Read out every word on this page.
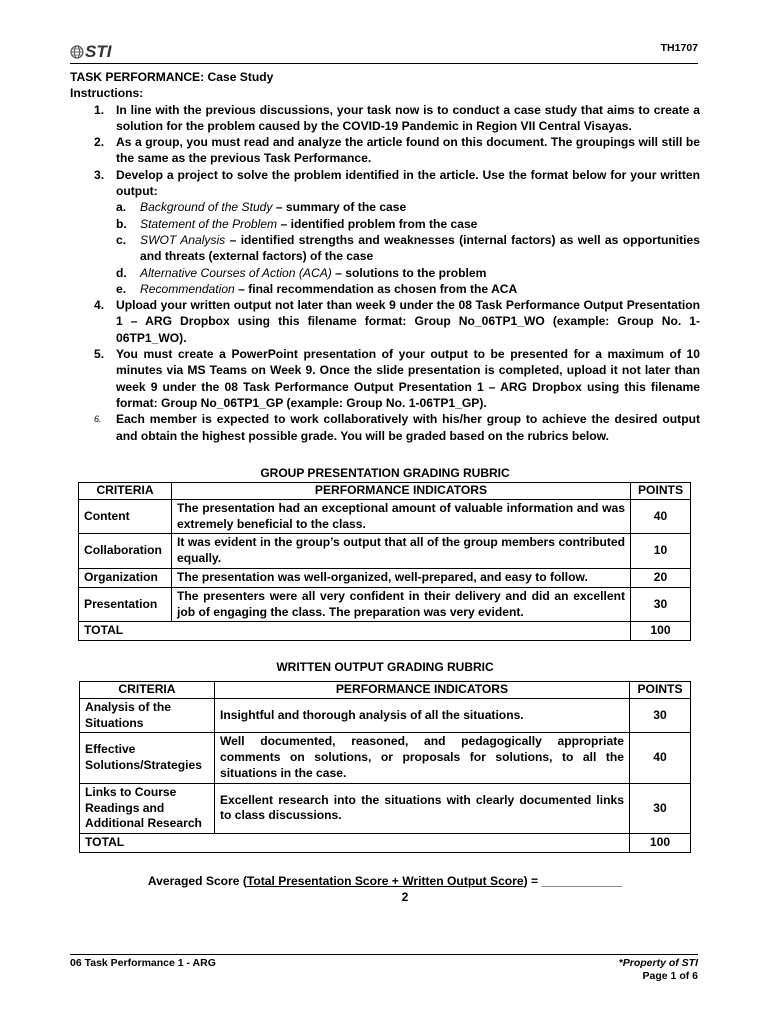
STI	TH1707

TASK PERFORMANCE: Case Study

Instructions:

1. In line with the previous discussions, your task now is to conduct a case study that aims to create a solution for the problem caused by the COVID-19 Pandemic in Region VII Central Visayas.
2. As a group, you must read and analyze the article found on this document. The groupings will still be the same as the previous Task Performance.
3. Develop a project to solve the problem identified in the article. Use the format below for your written output:
a. Background of the Study – summary of the case
b. Statement of the Problem – identified problem from the case
c. SWOT Analysis – identified strengths and weaknesses (internal factors) as well as opportunities and threats (external factors) of the case
d. Alternative Courses of Action (ACA) – solutions to the problem
e. Recommendation – final recommendation as chosen from the ACA
4. Upload your written output not later than week 9 under the 08 Task Performance Output Presentation 1 – ARG Dropbox using this filename format: Group No_06TP1_WO (example: Group No. 1-06TP1_WO).
5. You must create a PowerPoint presentation of your output to be presented for a maximum of 10 minutes via MS Teams on Week 9. Once the slide presentation is completed, upload it not later than week 9 under the 08 Task Performance Output Presentation 1 – ARG Dropbox using this filename format: Group No_06TP1_GP (example: Group No. 1-06TP1_GP).
6. Each member is expected to work collaboratively with his/her group to achieve the desired output and obtain the highest possible grade. You will be graded based on the rubrics below.
GROUP PRESENTATION GRADING RUBRIC
CRITERIA	PERFORMANCE INDICATORS	POINTS
Content	The presentation had an exceptional amount of valuable information and was extremely beneficial to the class.	40
Collaboration	It was evident in the group’s output that all of the group members contributed equally.	10
Organization	The presentation was well-organized, well-prepared, and easy to follow.	20
Presentation	The presenters were all very confident in their delivery and did an excellent job of engaging the class. The preparation was very evident.	30
TOTAL		100
WRITTEN OUTPUT GRADING RUBRIC
CRITERIA	PERFORMANCE INDICATORS	POINTS
Analysis of the Situations	Insightful and thorough analysis of all the situations.	30
Effective Solutions/Strategies	Well documented, reasoned, and pedagogically appropriate comments on solutions, or proposals for solutions, to all the situations in the case.	40
Links to Course Readings and Additional Research	Excellent research into the situations with clearly documented links to class discussions.	30
TOTAL		100
Averaged Score (Total Presentation Score + Written Output Score) = ____________
2
06 Task Performance 1 - ARG	*Property of STI
Page 1 of 6
